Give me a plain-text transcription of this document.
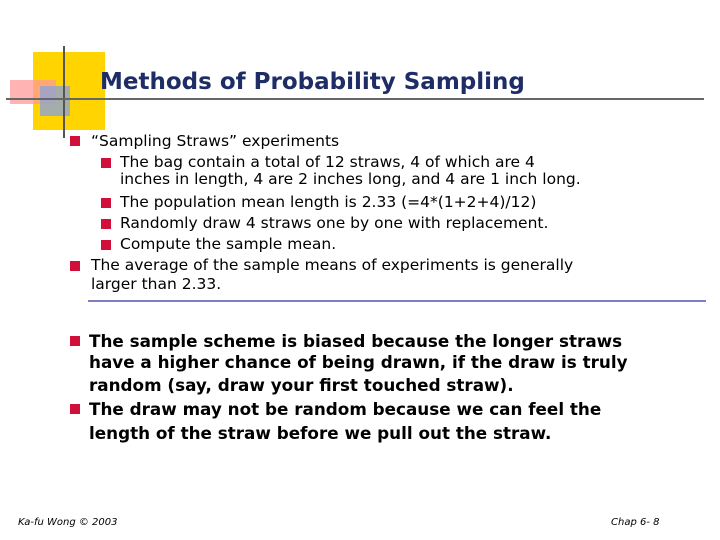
Methods of Probability Sampling
“Sampling Straws” experiments
The bag contain a total of 12 straws, 4 of which are 4
inches in length, 4 are 2 inches long, and 4 are 1 inch long.
The population mean length is 2.33 (=4*(1+2+4)/12)
Randomly draw 4 straws one by one with replacement.
Compute the sample mean.
The average of the sample means of experiments is generally
larger than 2.33.
The sample scheme is biased because the longer straws
have a higher chance of being drawn, if the draw is truly
random (say, draw your first touched straw).
The draw may not be random because we can feel the
length of the straw before we pull out the straw.
Ka-fu Wong © 2003	Chap 6- 8
